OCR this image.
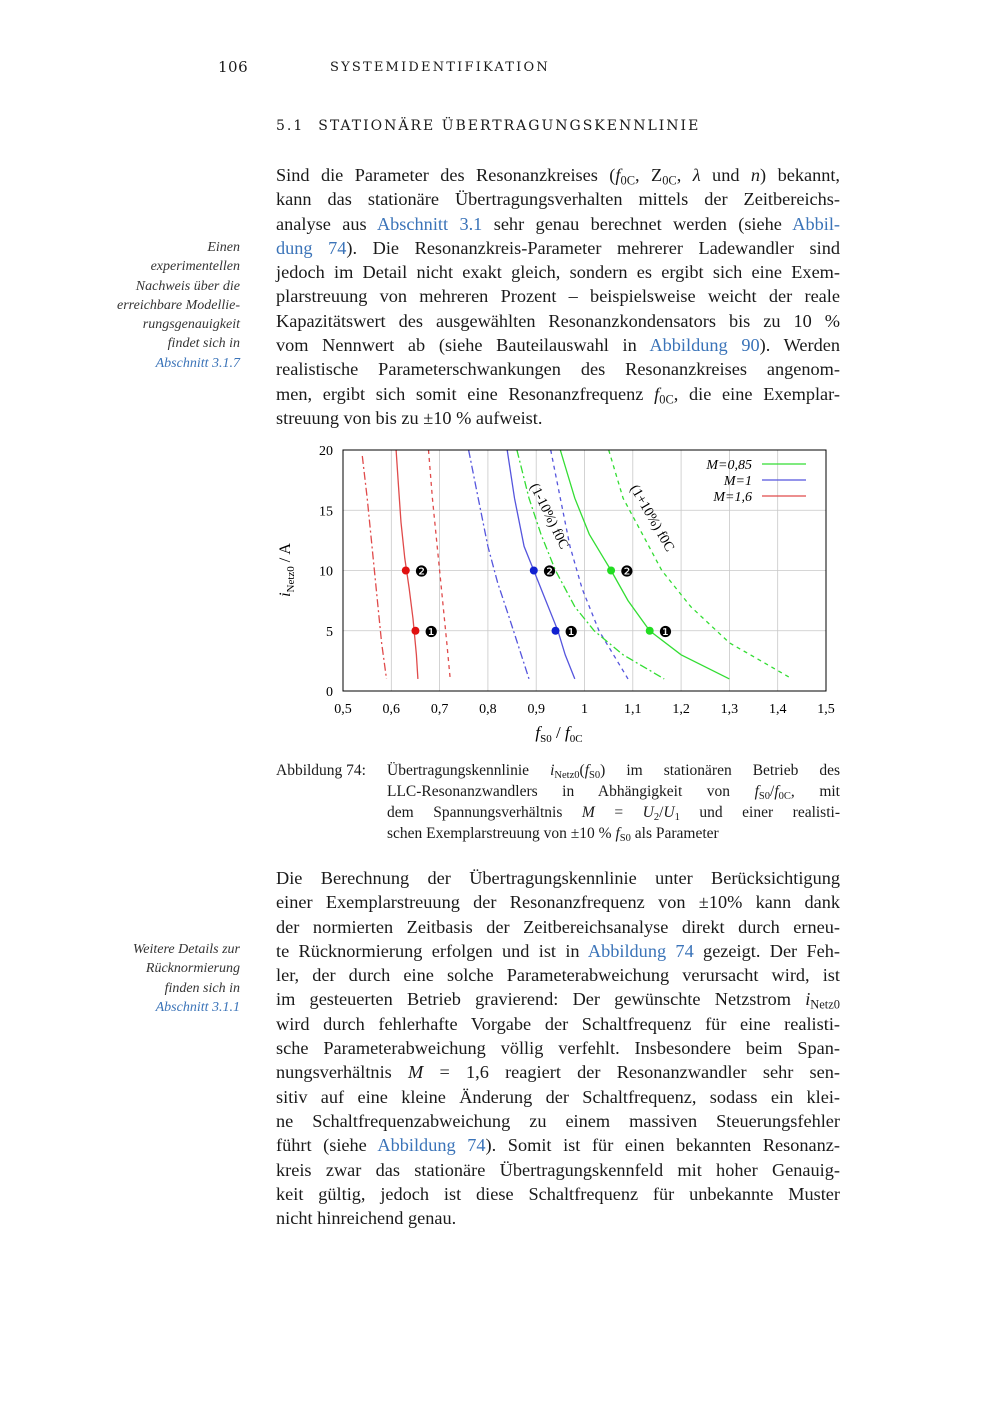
106	SYSTEMIDENTIFIKATION
5.1 STATIONÄRE ÜBERTRAGUNGSKENNLINIE
Sind die Parameter des Resonanzkreises ($f_{0C}$, $Z_{0C}$, λ und n) bekannt,
kann das stationäre Übertragungsverhalten mittels der Zeitbereichs-
analyse aus Abschnitt 3.1 sehr genau berechnet werden (siehe Abbil-
dung 74). Die Resonanzkreis-Parameter mehrerer Ladewandler sind
jedoch im Detail nicht exakt gleich, sondern es ergibt sich eine Exem-
plarstreuung von mehreren Prozent – beispielsweise weicht der reale
Kapazitätswert des ausgewählten Resonanzkondensators bis zu 10 %
vom Nennwert ab (siehe Bauteilauswahl in Abbildung 90). Werden
realistische Parameterschwankungen des Resonanzkreises angenom-
men, ergibt sich somit eine Resonanzfrequenz $f_{0C}$, die eine Exemplar-
streuung von bis zu ±10 % aufweist.
Einen
experimentellen
Nachweis über die
erreichbare Modellie-
rungsgenauigkeit
findet sich in
Abschnitt 3.1.7
❷
❶
❷
❶
❷
❶
0,5 0,6 0,7 0,8 0,9	1	1,1 1,2 1,3 1,4 1,5
0
5
10
15
20
M=0,85
M=1
M=1,6
(1-10%) f0C	(1+10%) f0C
$f_{S0} / f_{0C}$
$i_{Netz0}$ / A
Abbildung 74: Übertragungskennlinie $i_{Netz0}(f_{S0})$ im stationären Betrieb des
LLC-Resonanzwandlers in Abhängigkeit von $f_{S0}/f_{0C}$, mit
dem Spannungsverhältnis $M = U_2/U_1$ und einer realisti-
schen Exemplarstreuung von ±10 % $f_{S0}$ als Parameter
Die Berechnung der Übertragungskennlinie unter Berücksichtigung
einer Exemplarstreuung der Resonanzfrequenz von ±10% kann dank
der normierten Zeitbasis der Zeitbereichsanalyse direkt durch erneu-
te Rücknormierung erfolgen und ist in Abbildung 74 gezeigt. Der Feh-
ler, der durch eine solche Parameterabweichung verursacht wird, ist
im gesteuerten Betrieb gravierend: Der gewünschte Netzstrom $i_{Netz0}$
wird durch fehlerhafte Vorgabe der Schaltfrequenz für eine realisti-
sche Parameterabweichung völlig verfehlt. Insbesondere beim Span-
nungsverhältnis M = 1,6 reagiert der Resonanzwandler sehr sen-
sitiv auf eine kleine Änderung der Schaltfrequenz, sodass ein klei-
ne Schaltfrequenzabweichung zu einem massiven Steuerungsfehler
führt (siehe Abbildung 74). Somit ist für einen bekannten Resonanz-
kreis zwar das stationäre Übertragungskennfeld mit hoher Genauig-
keit gültig, jedoch ist diese Schaltfrequenz für unbekannte Muster
nicht hinreichend genau.
Weitere Details zur
Rücknormierung
finden sich in
Abschnitt 3.1.1
